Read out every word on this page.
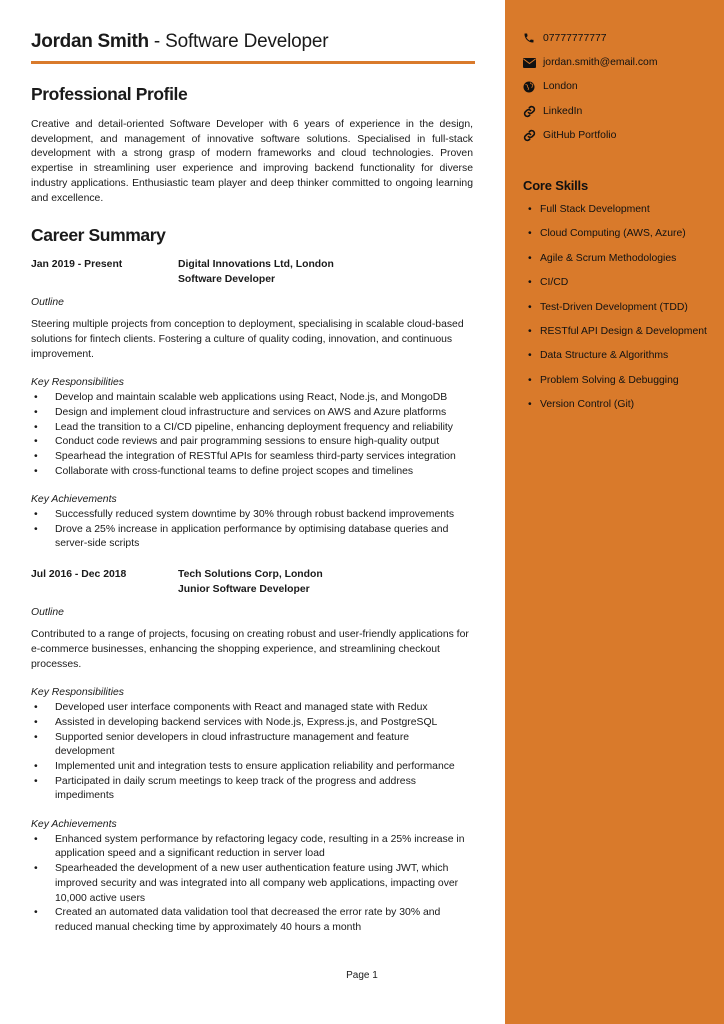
Jordan Smith - Software Developer
Professional Profile

Creative and detail-oriented Software Developer with 6 years of experience in the design, development, and management of innovative software solutions. Specialised in full-stack development with a strong grasp of modern frameworks and cloud technologies. Proven expertise in streamlining user experience and improving backend functionality for diverse industry applications. Enthusiastic team player and deep thinker committed to ongoing learning and excellence.

Career Summary
Jan 2019 - Present	Digital Innovations Ltd, London
Software Developer
Outline

Steering multiple projects from conception to deployment, specialising in scalable cloud-based solutions for fintech clients. Fostering a culture of quality coding, innovation, and continuous improvement.

Key Responsibilities
• Develop and maintain scalable web applications using React, Node.js, and MongoDB
• Design and implement cloud infrastructure and services on AWS and Azure platforms
• Lead the transition to a CI/CD pipeline, enhancing deployment frequency and reliability
• Conduct code reviews and pair programming sessions to ensure high-quality output
• Spearhead the integration of RESTful APIs for seamless third-party services integration
• Collaborate with cross-functional teams to define project scopes and timelines
Key Achievements
• Successfully reduced system downtime by 30% through robust backend improvements
• Drove a 25% increase in application performance by optimising database queries and server-side scripts
Jul 2016 - Dec 2018	Tech Solutions Corp, London
Junior Software Developer
Outline

Contributed to a range of projects, focusing on creating robust and user-friendly applications for e-commerce businesses, enhancing the shopping experience, and streamlining checkout processes.

Key Responsibilities
• Developed user interface components with React and managed state with Redux
• Assisted in developing backend services with Node.js, Express.js, and PostgreSQL
• Supported senior developers in cloud infrastructure management and feature development
• Implemented unit and integration tests to ensure application reliability and performance
• Participated in daily scrum meetings to keep track of the progress and address impediments
Key Achievements
• Enhanced system performance by refactoring legacy code, resulting in a 25% increase in application speed and a significant reduction in server load
• Spearheaded the development of a new user authentication feature using JWT, which improved security and was integrated into all company web applications, impacting over 10,000 active users
• Created an automated data validation tool that decreased the error rate by 30% and reduced manual checking time by approximately 40 hours a month
Page 1
07777777777
jordan.smith@email.com
London
LinkedIn
GitHub Portfolio
Core Skills
• Full Stack Development
• Cloud Computing (AWS, Azure)
• Agile & Scrum Methodologies
• CI/CD
• Test-Driven Development (TDD)
• RESTful API Design & Development
• Data Structure & Algorithms
• Problem Solving & Debugging
• Version Control (Git)
